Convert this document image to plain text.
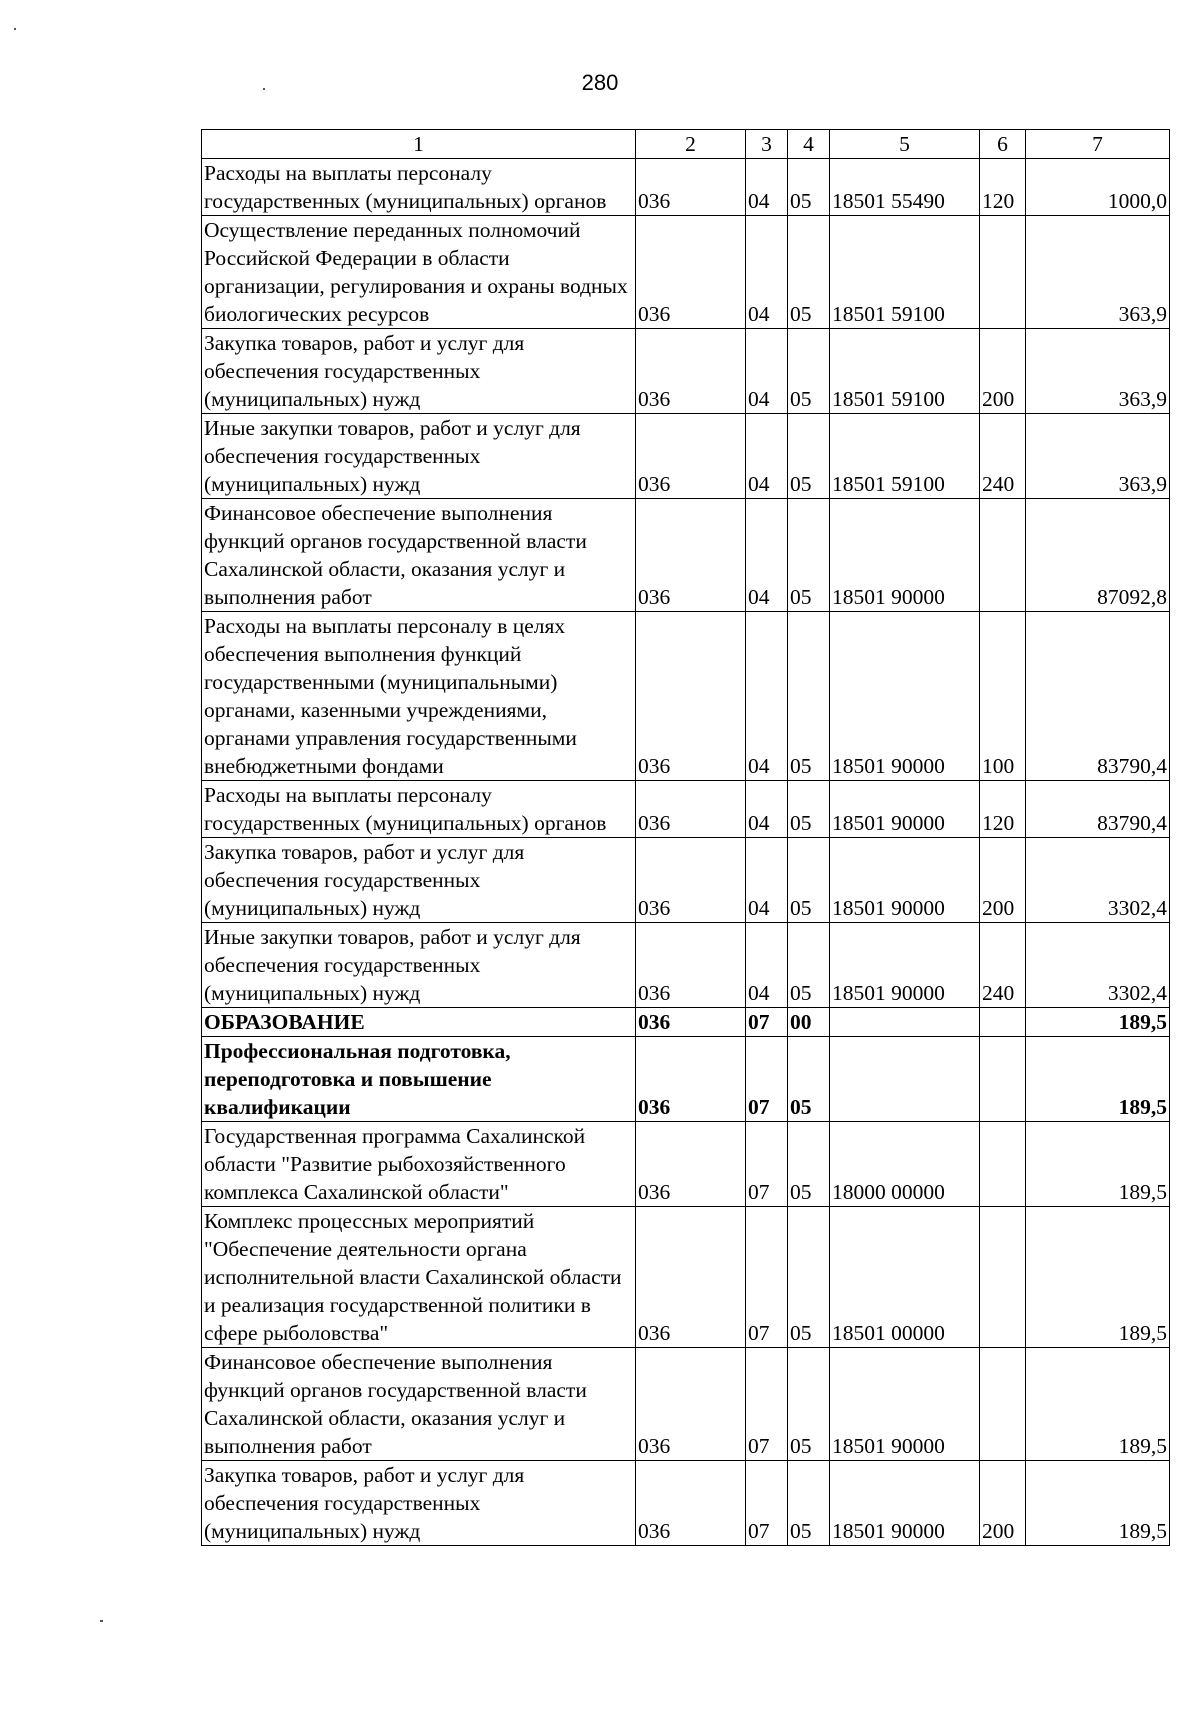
280
1	2	3	4	5	6	7
Расходы на выплаты персоналу государственных (муниципальных) органов	036	04	05	18501 55490	120	1000,0
Осуществление переданных полномочий Российской Федерации в области организации, регулирования и охраны водных биологических ресурсов	036	04	05	18501 59100		363,9
Закупка товаров, работ и услуг для обеспечения государственных (муниципальных) нужд	036	04	05	18501 59100	200	363,9
Иные закупки товаров, работ и услуг для обеспечения государственных (муниципальных) нужд	036	04	05	18501 59100	240	363,9
Финансовое обеспечение выполнения функций органов государственной власти Сахалинской области, оказания услуг и выполнения работ	036	04	05	18501 90000		87092,8
Расходы на выплаты персоналу в целях обеспечения выполнения функций государственными (муниципальными) органами, казенными учреждениями, органами управления государственными внебюджетными фондами	036	04	05	18501 90000	100	83790,4
Расходы на выплаты персоналу государственных (муниципальных) органов	036	04	05	18501 90000	120	83790,4
Закупка товаров, работ и услуг для обеспечения государственных (муниципальных) нужд	036	04	05	18501 90000	200	3302,4
Иные закупки товаров, работ и услуг для обеспечения государственных (муниципальных) нужд	036	04	05	18501 90000	240	3302,4
ОБРАЗОВАНИЕ	036	07	00			189,5
Профессиональная подготовка, переподготовка и повышение квалификации	036	07	05			189,5
Государственная программа Сахалинской области "Развитие рыбохозяйственного комплекса Сахалинской области"	036	07	05	18000 00000		189,5
Комплекс процессных мероприятий "Обеспечение деятельности органа исполнительной власти Сахалинской области и реализация государственной политики в сфере рыболовства"	036	07	05	18501 00000		189,5
Финансовое обеспечение выполнения функций органов государственной власти Сахалинской области, оказания услуг и выполнения работ	036	07	05	18501 90000		189,5
Закупка товаров, работ и услуг для обеспечения государственных (муниципальных) нужд	036	07	05	18501 90000	200	189,5
